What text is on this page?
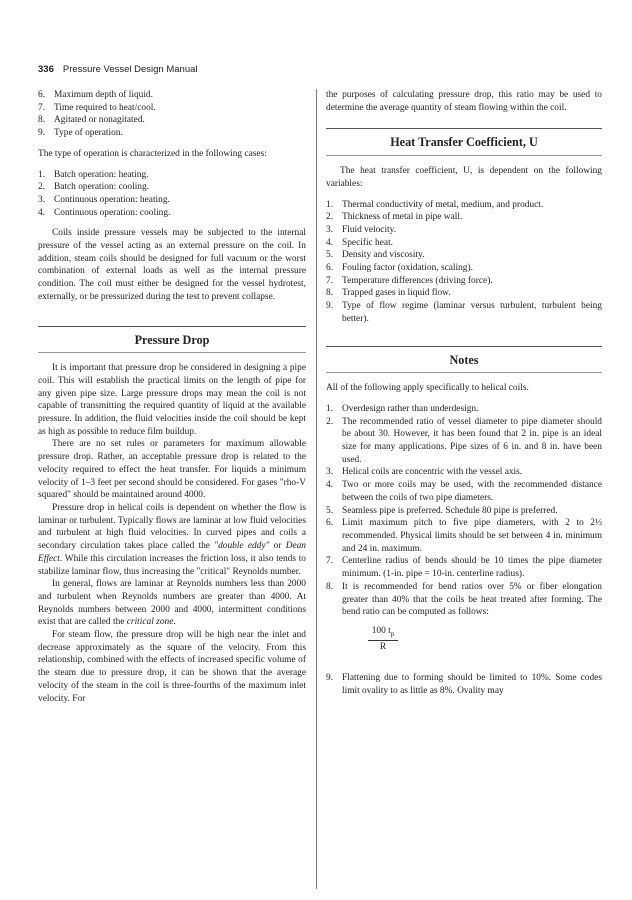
336 Pressure Vessel Design Manual
6. Maximum depth of liquid.
7. Time required to heat/cool.
8. Agitated or nonagitated.
9. Type of operation.

The type of operation is characterized in the following cases:

1. Batch operation: heating.
2. Batch operation: cooling.
3. Continuous operation: heating.
4. Continuous operation: cooling.

Coils inside pressure vessels may be subjected to the internal pressure of the vessel acting as an external pressure on the coil. In addition, steam coils should be designed for full vacuum or the worst combination of external loads as well as the internal pressure condition. The coil must either be designed for the vessel hydrotest, externally, or be pressurized during the test to prevent collapse.

Pressure Drop

It is important that pressure drop be considered in designing a pipe coil. This will establish the practical limits on the length of pipe for any given pipe size. Large pressure drops may mean the coil is not capable of transmitting the required quantity of liquid at the available pressure. In addition, the fluid velocities inside the coil should be kept as high as possible to reduce film buildup.

There are no set rules or parameters for maximum allowable pressure drop. Rather, an acceptable pressure drop is related to the velocity required to effect the heat transfer. For liquids a minimum velocity of 1–3 feet per second should be considered. For gases "rho-V squared" should be maintained around 4000.

Pressure drop in helical coils is dependent on whether the flow is laminar or turbulent. Typically flows are laminar at low fluid velocities and turbulent at high fluid velocities. In curved pipes and coils a secondary circulation takes place called the "double eddy" or Dean Effect. While this circulation increases the friction loss, it also tends to stabilize laminar flow, thus increasing the "critical" Reynolds number.

In general, flows are laminar at Reynolds numbers less than 2000 and turbulent when Reynolds numbers are greater than 4000. At Reynolds numbers between 2000 and 4000, intermittent conditions exist that are called the critical zone.

For steam flow, the pressure drop will be high near the inlet and decrease approximately as the square of the velocity. From this relationship, combined with the effects of increased specific volume of the steam due to pressure drop, it can be shown that the average velocity of the steam in the coil is three-fourths of the maximum inlet velocity. For

the purposes of calculating pressure drop, this ratio may be used to determine the average quantity of steam flowing within the coil.

Heat Transfer Coefficient, U

The heat transfer coefficient, U, is dependent on the following variables:

1. Thermal conductivity of metal, medium, and product.
2. Thickness of metal in pipe wall.
3. Fluid velocity.
4. Specific heat.
5. Density and viscosity.
6. Fouling factor (oxidation, scaling).
7. Temperature differences (driving force).
8. Trapped gases in liquid flow.
9. Type of flow regime (laminar versus turbulent, turbulent being better).
Notes

All of the following apply specifically to helical coils.

1. Overdesign rather than underdesign.
2. The recommended ratio of vessel diameter to pipe diameter should be about 30. However, it has been found that 2 in. pipe is an ideal size for many applications. Pipe sizes of 6 in. and 8 in. have been used.
3. Helical coils are concentric with the vessel axis.
4. Two or more coils may be used, with the recommended distance between the coils of two pipe diameters.
5. Seamless pipe is preferred. Schedule 80 pipe is preferred.
6. Limit maximum pitch to five pipe diameters, with 2 to 2½ recommended. Physical limits should be set between 4 in. minimum and 24 in. maximum.
7. Centerline radius of bends should be 10 times the pipe diameter minimum. (1-in. pipe = 10-in. centerline radius).
8. It is recommended for bend ratios over 5% or fiber elongation greater than 40% that the coils be heat treated after forming. The bend ratio can be computed as follows:
100 $t_p$
R
9. Flattening due to forming should be limited to 10%. Some codes limit ovality to as little as 8%. Ovality may
